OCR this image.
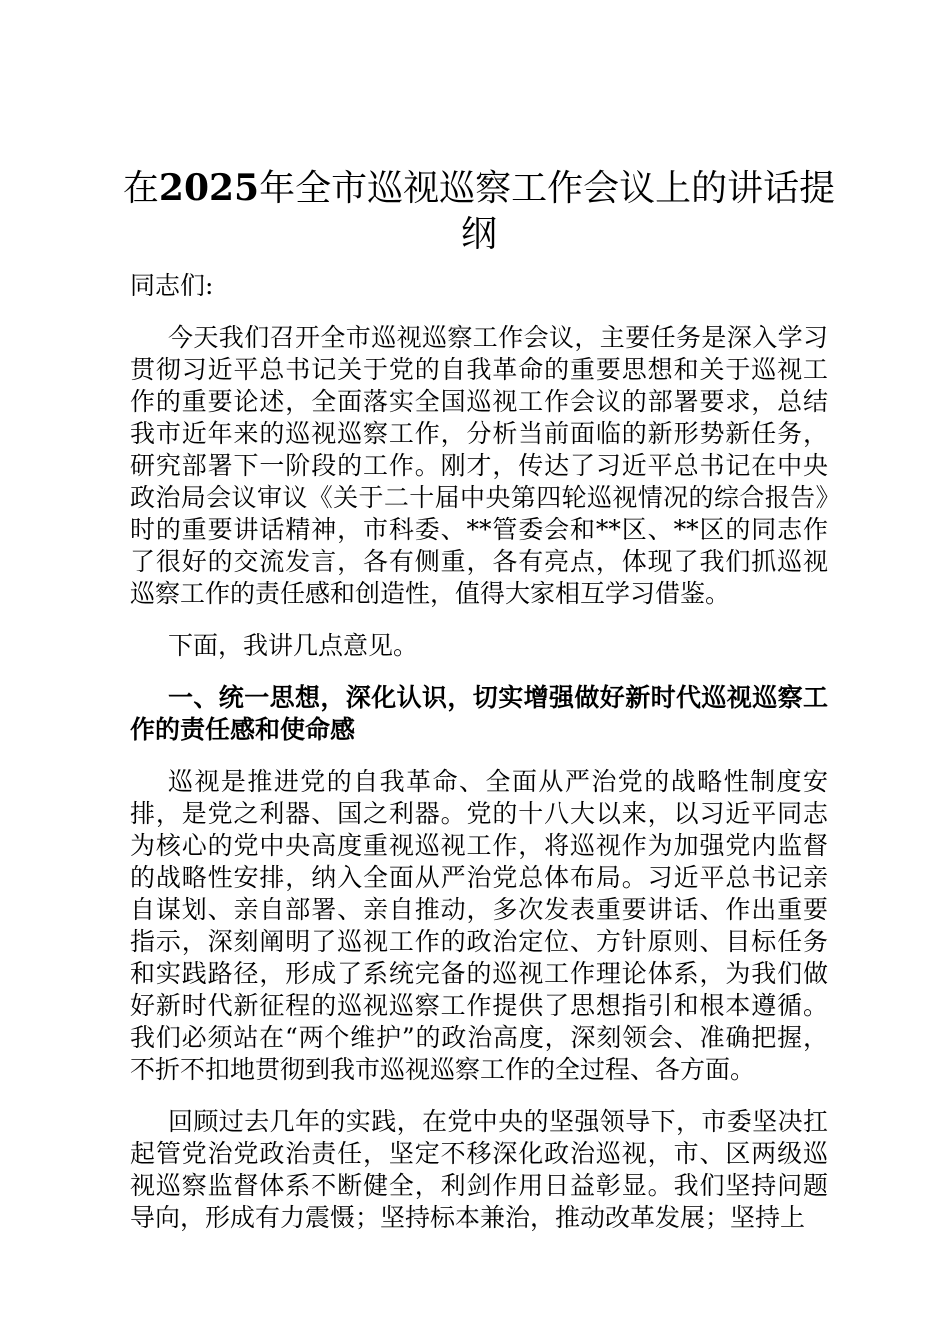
在2025年全市巡视巡察工作会议上的讲话提纲

同志们:

今天我们召开全市巡视巡察工作会议，主要任务是深入学习贯彻习近平总书记关于党的自我革命的重要思想和关于巡视工作的重要论述，全面落实全国巡视工作会议的部署要求，总结我市近年来的巡视巡察工作，分析当前面临的新形势新任务，研究部署下一阶段的工作。刚才，传达了习近平总书记在中央政治局会议审议《关于二十届中央第四轮巡视情况的综合报告》时的重要讲话精神，市科委、**管委会和**区、**区的同志作了很好的交流发言，各有侧重，各有亮点，体现了我们抓巡视巡察工作的责任感和创造性，值得大家相互学习借鉴。

下面，我讲几点意见。

一、统一思想，深化认识，切实增强做好新时代巡视巡察工作的责任感和使命感

巡视是推进党的自我革命、全面从严治党的战略性制度安排，是党之利器、国之利器。党的十八大以来，以习近平同志为核心的党中央高度重视巡视工作，将巡视作为加强党内监督的战略性安排，纳入全面从严治党总体布局。习近平总书记亲自谋划、亲自部署、亲自推动，多次发表重要讲话、作出重要指示，深刻阐明了巡视工作的政治定位、方针原则、目标任务和实践路径，形成了系统完备的巡视工作理论体系，为我们做好新时代新征程的巡视巡察工作提供了思想指引和根本遵循。我们必须站在“两个维护”的政治高度，深刻领会、准确把握，不折不扣地贯彻到我市巡视巡察工作的全过程、各方面。

回顾过去几年的实践，在党中央的坚强领导下，市委坚决扛起管党治党政治责任，坚定不移深化政治巡视，市、区两级巡视巡察监督体系不断健全，利剑作用日益彰显。我们坚持问题导向，形成有力震慑；坚持标本兼治，推动改革发展；坚持上
